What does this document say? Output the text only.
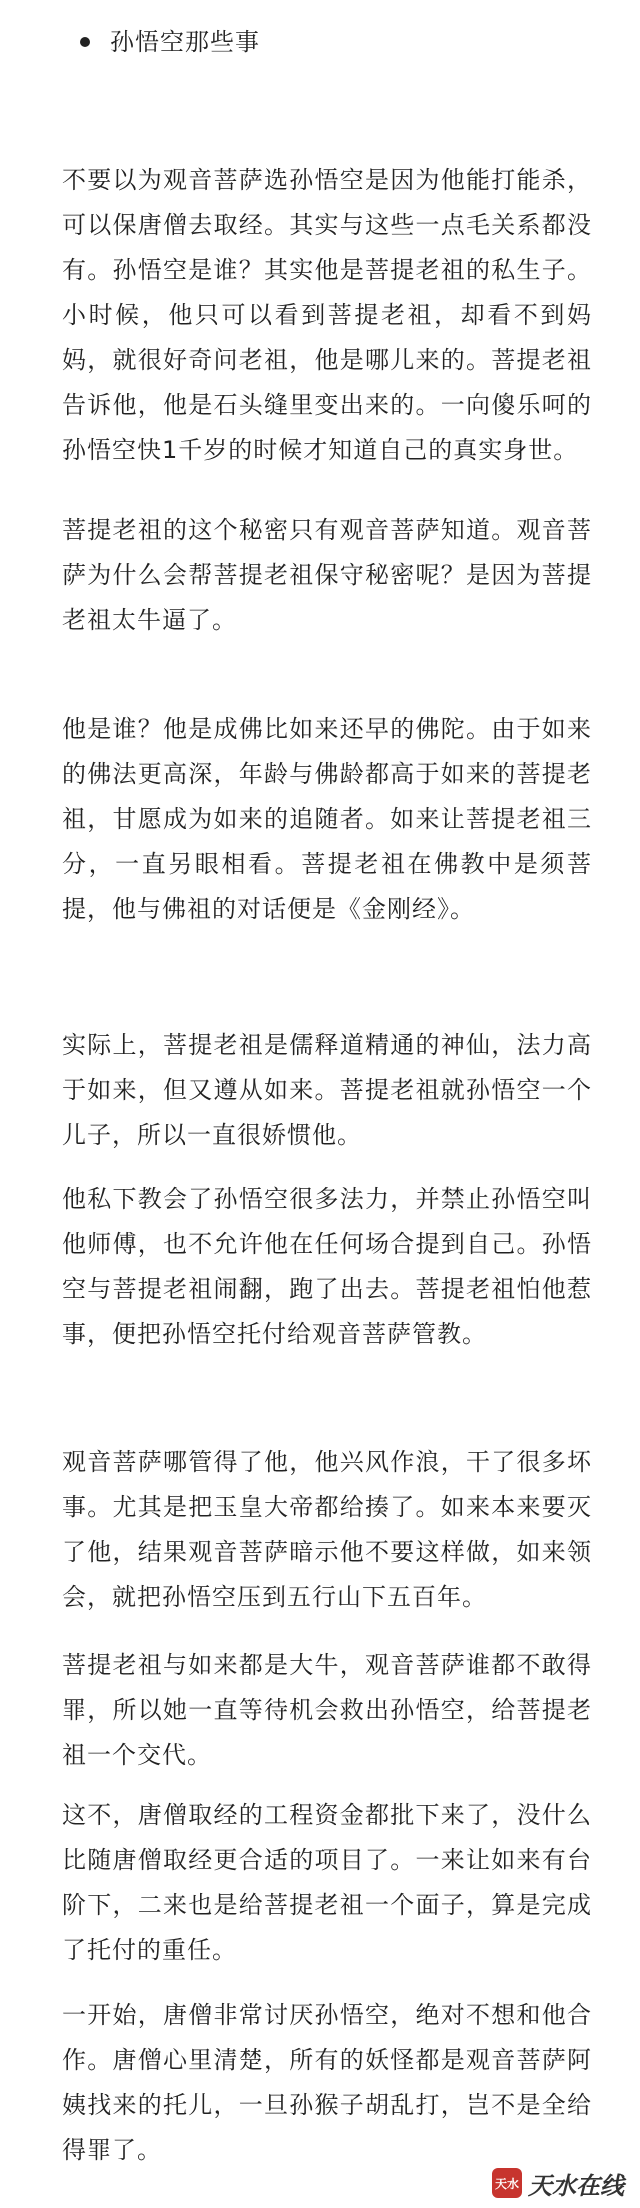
孙悟空那些事

不要以为观音菩萨选孙悟空是因为他能打能杀，可以保唐僧去取经。其实与这些一点毛关系都没有。孙悟空是谁？其实他是菩提老祖的私生子。小时候，他只可以看到菩提老祖，却看不到妈妈，就很好奇问老祖，他是哪儿来的。菩提老祖告诉他，他是石头缝里变出来的。一向傻乐呵的孙悟空快1千岁的时候才知道自己的真实身世。

菩提老祖的这个秘密只有观音菩萨知道。观音菩萨为什么会帮菩提老祖保守秘密呢？是因为菩提老祖太牛逼了。

他是谁？他是成佛比如来还早的佛陀。由于如来的佛法更高深，年龄与佛龄都高于如来的菩提老祖，甘愿成为如来的追随者。如来让菩提老祖三分，一直另眼相看。菩提老祖在佛教中是须菩提，他与佛祖的对话便是《金刚经》。

实际上，菩提老祖是儒释道精通的神仙，法力高于如来，但又遵从如来。菩提老祖就孙悟空一个儿子，所以一直很娇惯他。

他私下教会了孙悟空很多法力，并禁止孙悟空叫他师傅，也不允许他在任何场合提到自己。孙悟空与菩提老祖闹翻，跑了出去。菩提老祖怕他惹事，便把孙悟空托付给观音菩萨管教。

观音菩萨哪管得了他，他兴风作浪，干了很多坏事。尤其是把玉皇大帝都给揍了。如来本来要灭了他，结果观音菩萨暗示他不要这样做，如来领会，就把孙悟空压到五行山下五百年。

菩提老祖与如来都是大牛，观音菩萨谁都不敢得罪，所以她一直等待机会救出孙悟空，给菩提老祖一个交代。

这不，唐僧取经的工程资金都批下来了，没什么比随唐僧取经更合适的项目了。一来让如来有台阶下，二来也是给菩提老祖一个面子，算是完成了托付的重任。

一开始，唐僧非常讨厌孙悟空，绝对不想和他合作。唐僧心里清楚，所有的妖怪都是观音菩萨阿姨找来的托儿，一旦孙猴子胡乱打，岂不是全给得罪了。

天水 天水在线
